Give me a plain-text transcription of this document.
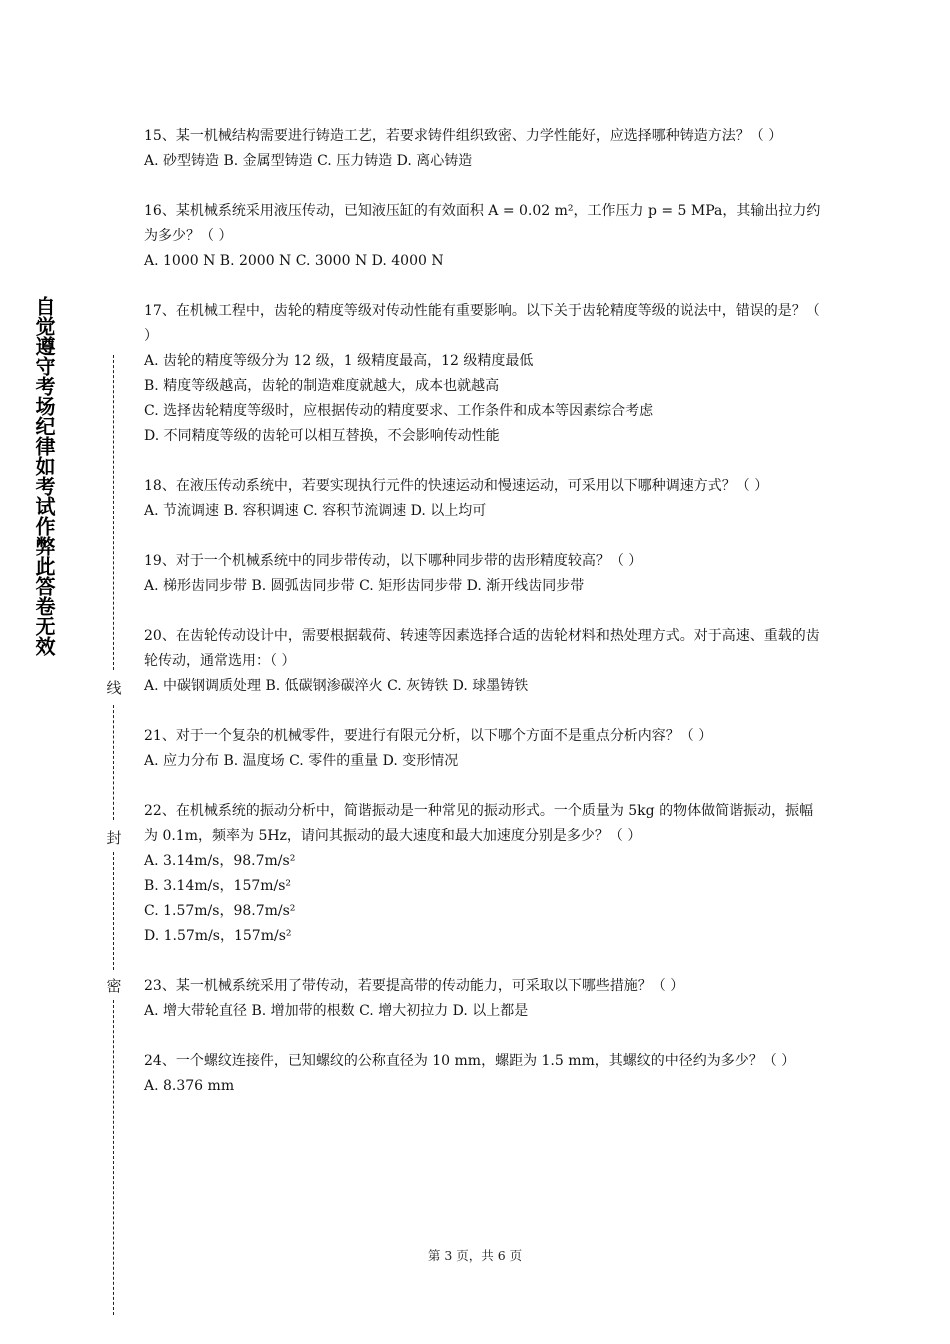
自觉遵守考场纪律如考试作弊此答卷无效
线
封
密
15、某一机械结构需要进行铸造工艺，若要求铸件组织致密、力学性能好，应选择哪种铸造方法？（ ）
A. 砂型铸造 B. 金属型铸造 C. 压力铸造 D. 离心铸造
16、某机械系统采用液压传动，已知液压缸的有效面积 A = 0.02 m²，工作压力 p = 5 MPa，其输出拉力约为多少？（ ）
A. 1000 N B. 2000 N C. 3000 N D. 4000 N
17、在机械工程中，齿轮的精度等级对传动性能有重要影响。以下关于齿轮精度等级的说法中，错误的是？（ ）
A. 齿轮的精度等级分为 12 级，1 级精度最高，12 级精度最低
B. 精度等级越高，齿轮的制造难度就越大，成本也就越高
C. 选择齿轮精度等级时，应根据传动的精度要求、工作条件和成本等因素综合考虑
D. 不同精度等级的齿轮可以相互替换，不会影响传动性能
18、在液压传动系统中，若要实现执行元件的快速运动和慢速运动，可采用以下哪种调速方式？（ ）
A. 节流调速 B. 容积调速 C. 容积节流调速 D. 以上均可
19、对于一个机械系统中的同步带传动，以下哪种同步带的齿形精度较高？（ ）
A. 梯形齿同步带 B. 圆弧齿同步带 C. 矩形齿同步带 D. 渐开线齿同步带
20、在齿轮传动设计中，需要根据载荷、转速等因素选择合适的齿轮材料和热处理方式。对于高速、重载的齿轮传动，通常选用：（ ）
A. 中碳钢调质处理 B. 低碳钢渗碳淬火 C. 灰铸铁 D. 球墨铸铁
21、对于一个复杂的机械零件，要进行有限元分析，以下哪个方面不是重点分析内容？（ ）
A. 应力分布 B. 温度场 C. 零件的重量 D. 变形情况
22、在机械系统的振动分析中，简谐振动是一种常见的振动形式。一个质量为 5kg 的物体做简谐振动，振幅为 0.1m，频率为 5Hz，请问其振动的最大速度和最大加速度分别是多少？（ ）
A. 3.14m/s，98.7m/s²
B. 3.14m/s，157m/s²
C. 1.57m/s，98.7m/s²
D. 1.57m/s，157m/s²
23、某一机械系统采用了带传动，若要提高带的传动能力，可采取以下哪些措施？（ ）
A. 增大带轮直径 B. 增加带的根数 C. 增大初拉力 D. 以上都是
24、一个螺纹连接件，已知螺纹的公称直径为 10 mm，螺距为 1.5 mm，其螺纹的中径约为多少？（ ）
A. 8.376 mm
第 3 页，共 6 页
